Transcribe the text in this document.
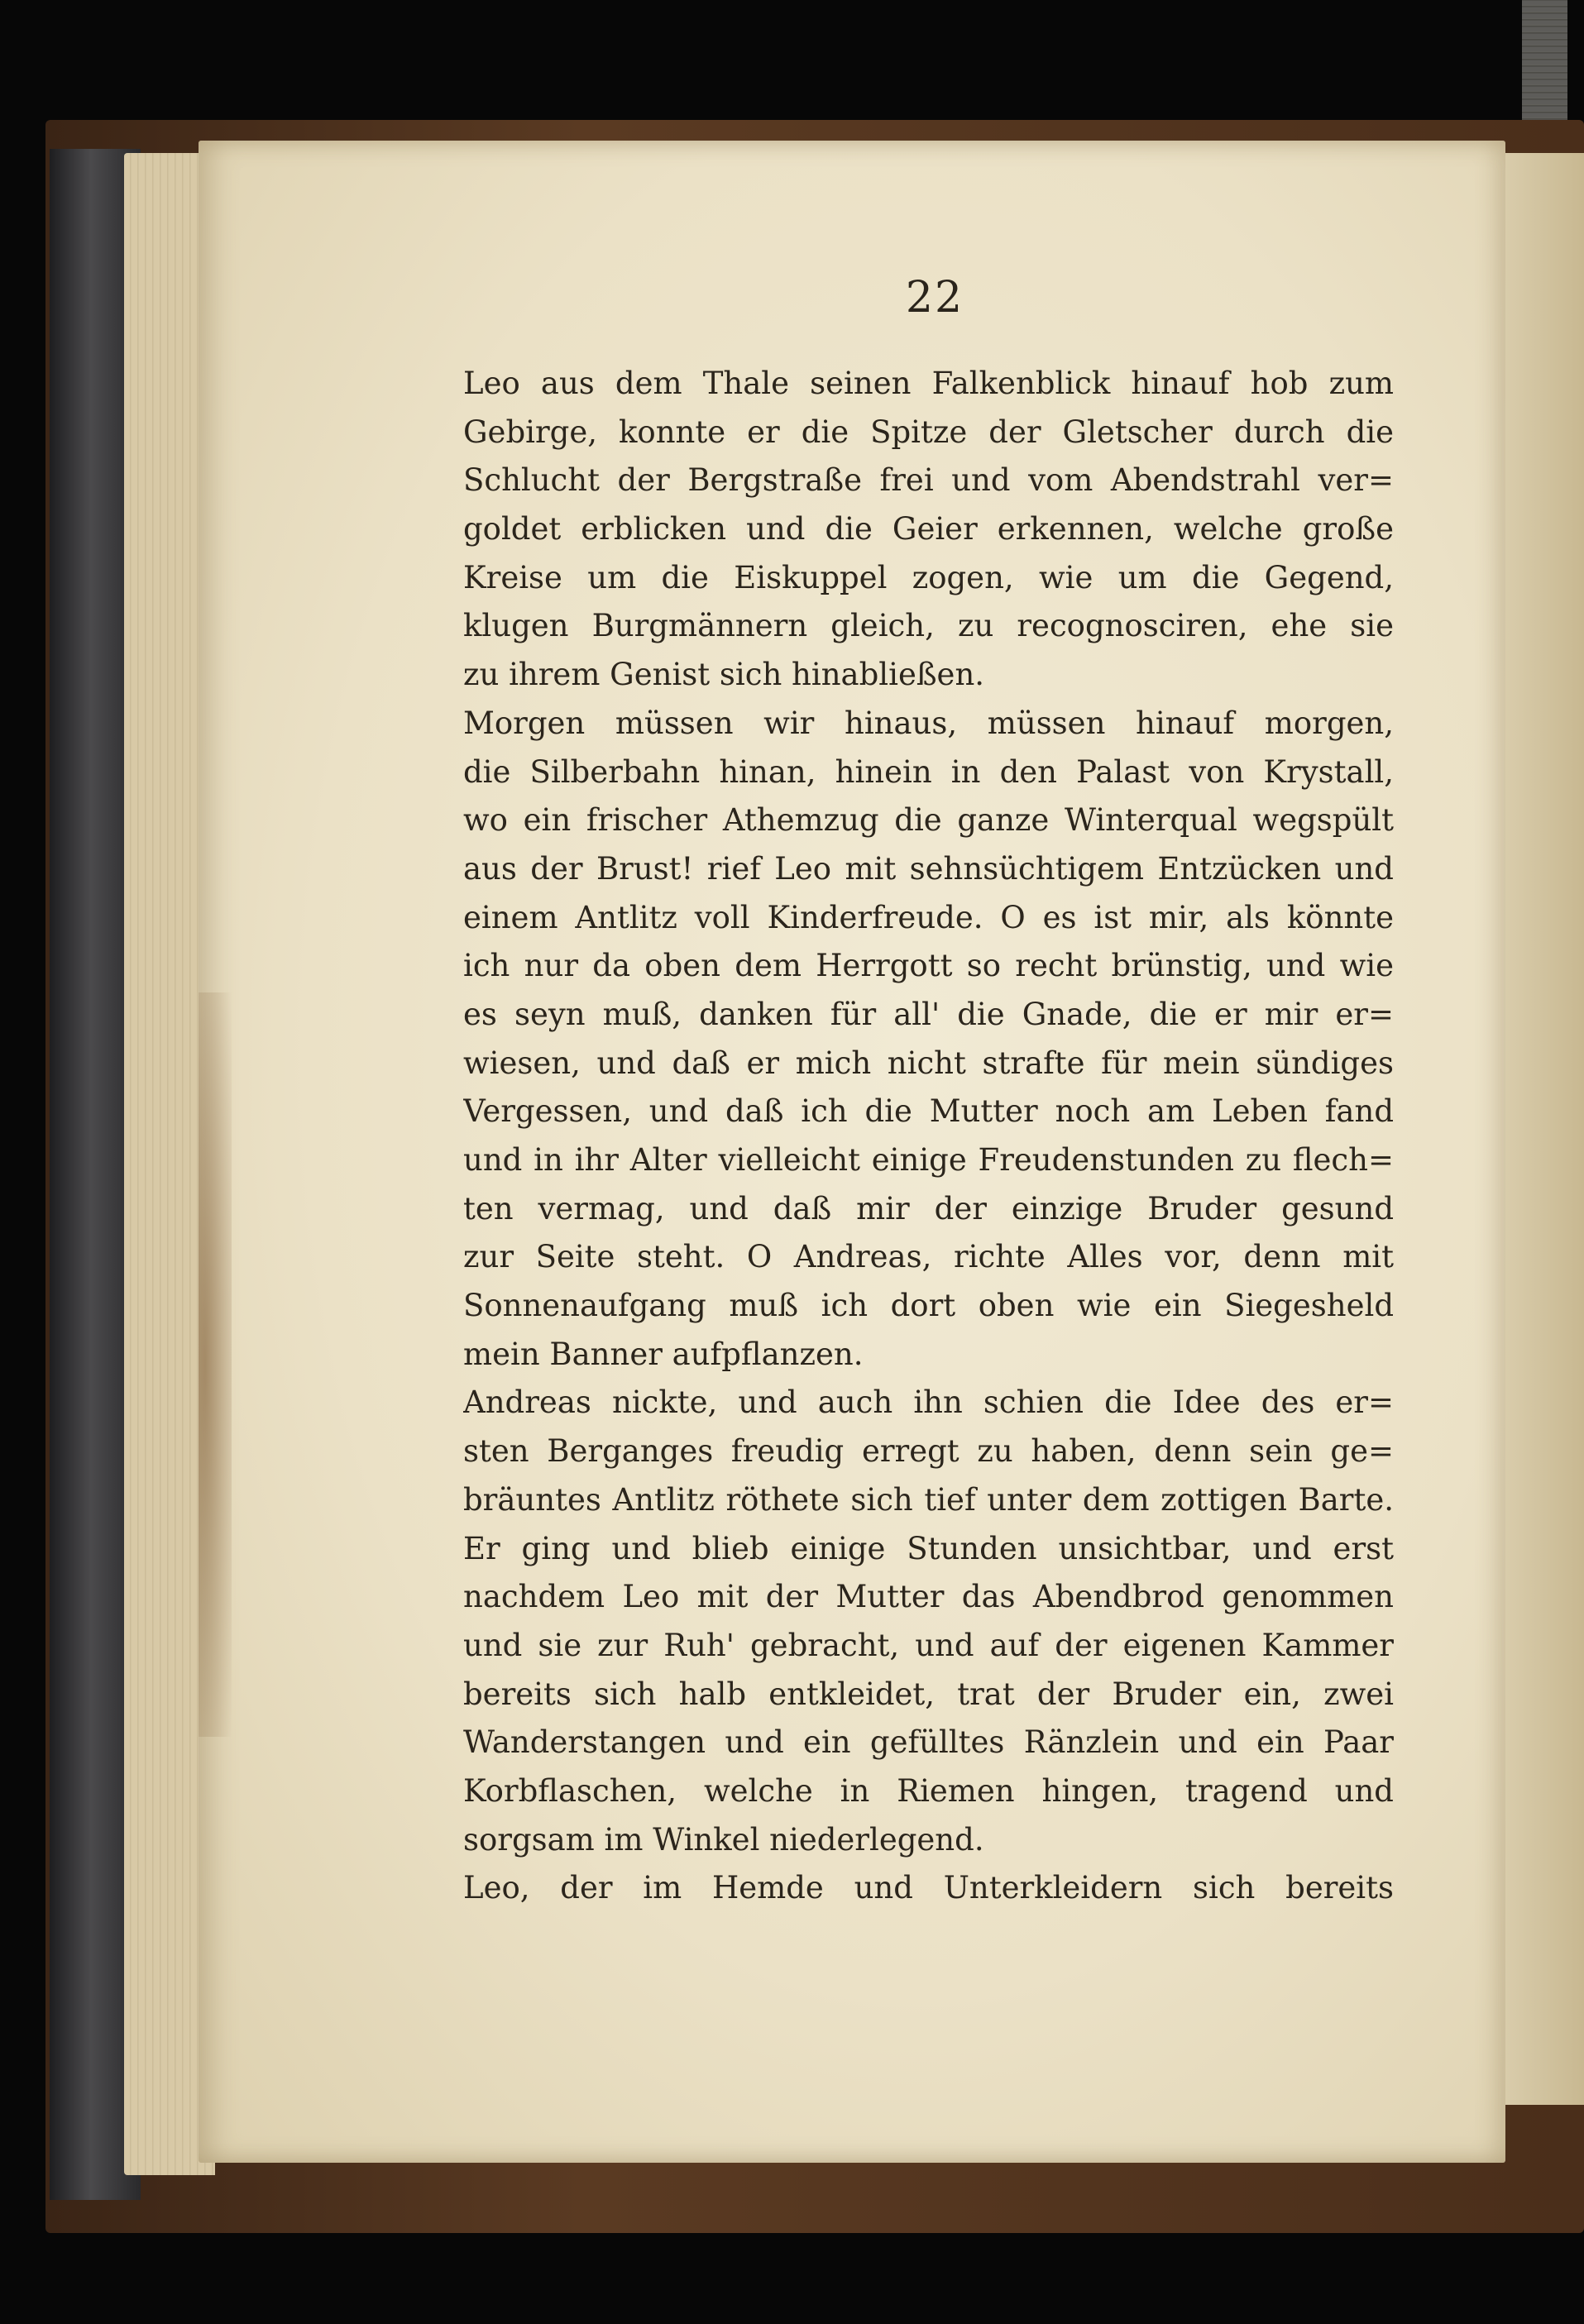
22
Leo aus dem Thale seinen Falkenblick hinauf hob zum
Gebirge, konnte er die Spitze der Gletscher durch die
Schlucht der Bergstraße frei und vom Abendstrahl ver=
goldet erblicken und die Geier erkennen, welche große
Kreise um die Eiskuppel zogen, wie um die Gegend,
klugen Burgmännern gleich, zu recognosciren, ehe sie
zu ihrem Genist sich hinabließen.
Morgen müssen wir hinaus, müssen hinauf morgen,
die Silberbahn hinan, hinein in den Palast von Krystall,
wo ein frischer Athemzug die ganze Winterqual wegspült
aus der Brust! rief Leo mit sehnsüchtigem Entzücken und
einem Antlitz voll Kinderfreude. O es ist mir, als könnte
ich nur da oben dem Herrgott so recht brünstig, und wie
es seyn muß, danken für all' die Gnade, die er mir er=
wiesen, und daß er mich nicht strafte für mein sündiges
Vergessen, und daß ich die Mutter noch am Leben fand
und in ihr Alter vielleicht einige Freudenstunden zu flech=
ten vermag, und daß mir der einzige Bruder gesund
zur Seite steht. O Andreas, richte Alles vor, denn mit
Sonnenaufgang muß ich dort oben wie ein Siegesheld
mein Banner aufpflanzen.
Andreas nickte, und auch ihn schien die Idee des er=
sten Berganges freudig erregt zu haben, denn sein ge=
bräuntes Antlitz röthete sich tief unter dem zottigen Barte.
Er ging und blieb einige Stunden unsichtbar, und erst
nachdem Leo mit der Mutter das Abendbrod genommen
und sie zur Ruh' gebracht, und auf der eigenen Kammer
bereits sich halb entkleidet, trat der Bruder ein, zwei
Wanderstangen und ein gefülltes Ränzlein und ein Paar
Korbflaschen, welche in Riemen hingen, tragend und
sorgsam im Winkel niederlegend.
Leo, der im Hemde und Unterkleidern sich bereits
